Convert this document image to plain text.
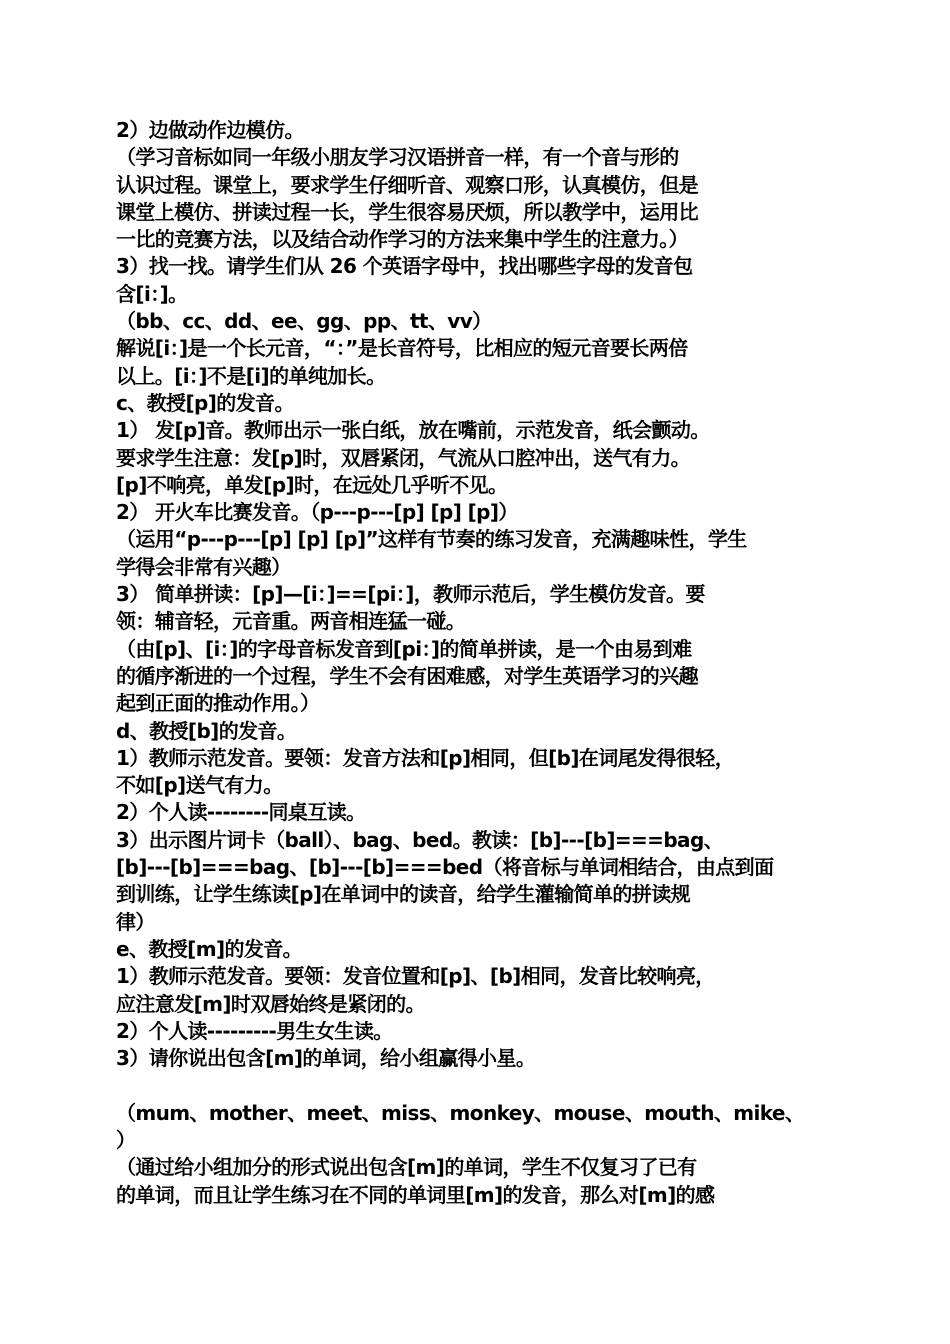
2）边做动作边模仿。
（学习音标如同一年级小朋友学习汉语拼音一样，有一个音与形的
认识过程。课堂上，要求学生仔细听音、观察口形，认真模仿，但是
课堂上模仿、拼读过程一长，学生很容易厌烦，所以教学中，运用比
一比的竞赛方法，以及结合动作学习的方法来集中学生的注意力。）
3）找一找。请学生们从 26 个英语字母中，找出哪些字母的发音包
含[i：]。
（bb、cc、dd、ee、gg、pp、tt、vv）
解说[i：]是一个长元音，“：”是长音符号，比相应的短元音要长两倍
以上。[i：]不是[i]的单纯加长。
c、教授[p]的发音。
1） 发[p]音。教师出示一张白纸，放在嘴前，示范发音，纸会颤动。
要求学生注意：发[p]时，双唇紧闭，气流从口腔冲出，送气有力。
[p]不响亮，单发[p]时，在远处几乎听不见。
2） 开火车比赛发音。（p---p---[p] [p] [p]）
（运用“p---p---[p] [p] [p]”这样有节奏的练习发音，充满趣味性，学生
学得会非常有兴趣）
3） 简单拼读：[p]—[i：]==[pi：]，教师示范后，学生模仿发音。要
领：辅音轻，元音重。两音相连猛一碰。
（由[p]、[i：]的字母音标发音到[pi：]的简单拼读，是一个由易到难
的循序渐进的一个过程，学生不会有困难感，对学生英语学习的兴趣
起到正面的推动作用。）
d、教授[b]的发音。
1）教师示范发音。要领：发音方法和[p]相同，但[b]在词尾发得很轻，
不如[p]送气有力。
2）个人读--------同桌互读。
3）出示图片词卡（ball）、bag、bed。教读：[b]---[b]===bag、
[b]---[b]===bag、[b]---[b]===bed（将音标与单词相结合，由点到面
到训练，让学生练读[p]在单词中的读音，给学生灌输简单的拼读规
律）
e、教授[m]的发音。
1）教师示范发音。要领：发音位置和[p]、[b]相同，发音比较响亮，
应注意发[m]时双唇始终是紧闭的。
2）个人读---------男生女生读。
3）请你说出包含[m]的单词，给小组赢得小星。
（mum、mother、meet、miss、monkey、mouse、mouth、mike、
）
（通过给小组加分的形式说出包含[m]的单词，学生不仅复习了已有
的单词，而且让学生练习在不同的单词里[m]的发音，那么对[m]的感
